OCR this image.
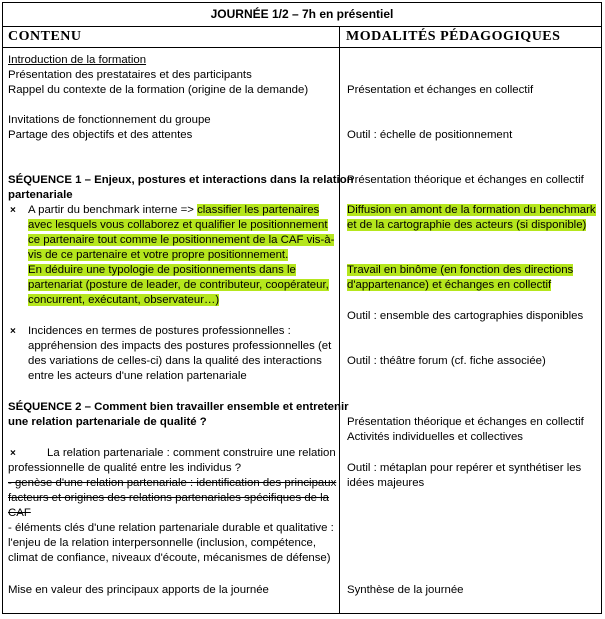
JOURNÉE 1/2 – 7h en présentiel
CONTENU	MODALITÉS PÉDAGOGIQUES
Introduction de la formation
Présentation des prestataires et des participants
Rappel du contexte de la formation (origine de la demande)
Invitations de fonctionnement du groupe
Partage des objectifs et des attentes
SÉQUENCE 1 – Enjeux, postures et interactions dans la relation
partenariale
× A partir du benchmark interne => classifier les partenaires
avec lesquels vous collaborez et qualifier le positionnement
ce partenaire tout comme le positionnement de la CAF vis-à-
vis de ce partenaire et votre propre positionnement.
En déduire une typologie de positionnements dans le
partenariat (posture de leader, de contributeur, coopérateur,
concurrent, exécutant, observateur…)
× Incidences en termes de postures professionnelles :
appréhension des impacts des postures professionnelles (et
des variations de celles-ci) dans la qualité des interactions
entre les acteurs d'une relation partenariale
SÉQUENCE 2 – Comment bien travailler ensemble et entretenir
une relation partenariale de qualité ?
×	La relation partenariale : comment construire une relation
professionnelle de qualité entre les individus ?
- genèse d'une relation partenariale : identification des principaux
facteurs et origines des relations partenariales spécifiques de la
CAF
- éléments clés d'une relation partenariale durable et qualitative :
l'enjeu de la relation interpersonnelle (inclusion, compétence,
climat de confiance, niveaux d'écoute, mécanismes de défense)
Mise en valeur des principaux apports de la journée
Présentation et échanges en collectif
Outil : échelle de positionnement
Présentation théorique et échanges en collectif
Diffusion en amont de la formation du benchmark
et de la cartographie des acteurs (si disponible)
Travail en binôme (en fonction des directions
d'appartenance) et échanges en collectif
Outil : ensemble des cartographies disponibles
Outil : théâtre forum (cf. fiche associée)
Présentation théorique et échanges en collectif
Activités individuelles et collectives
Outil : métaplan pour repérer et synthétiser les
idées majeures
Synthèse de la journée
